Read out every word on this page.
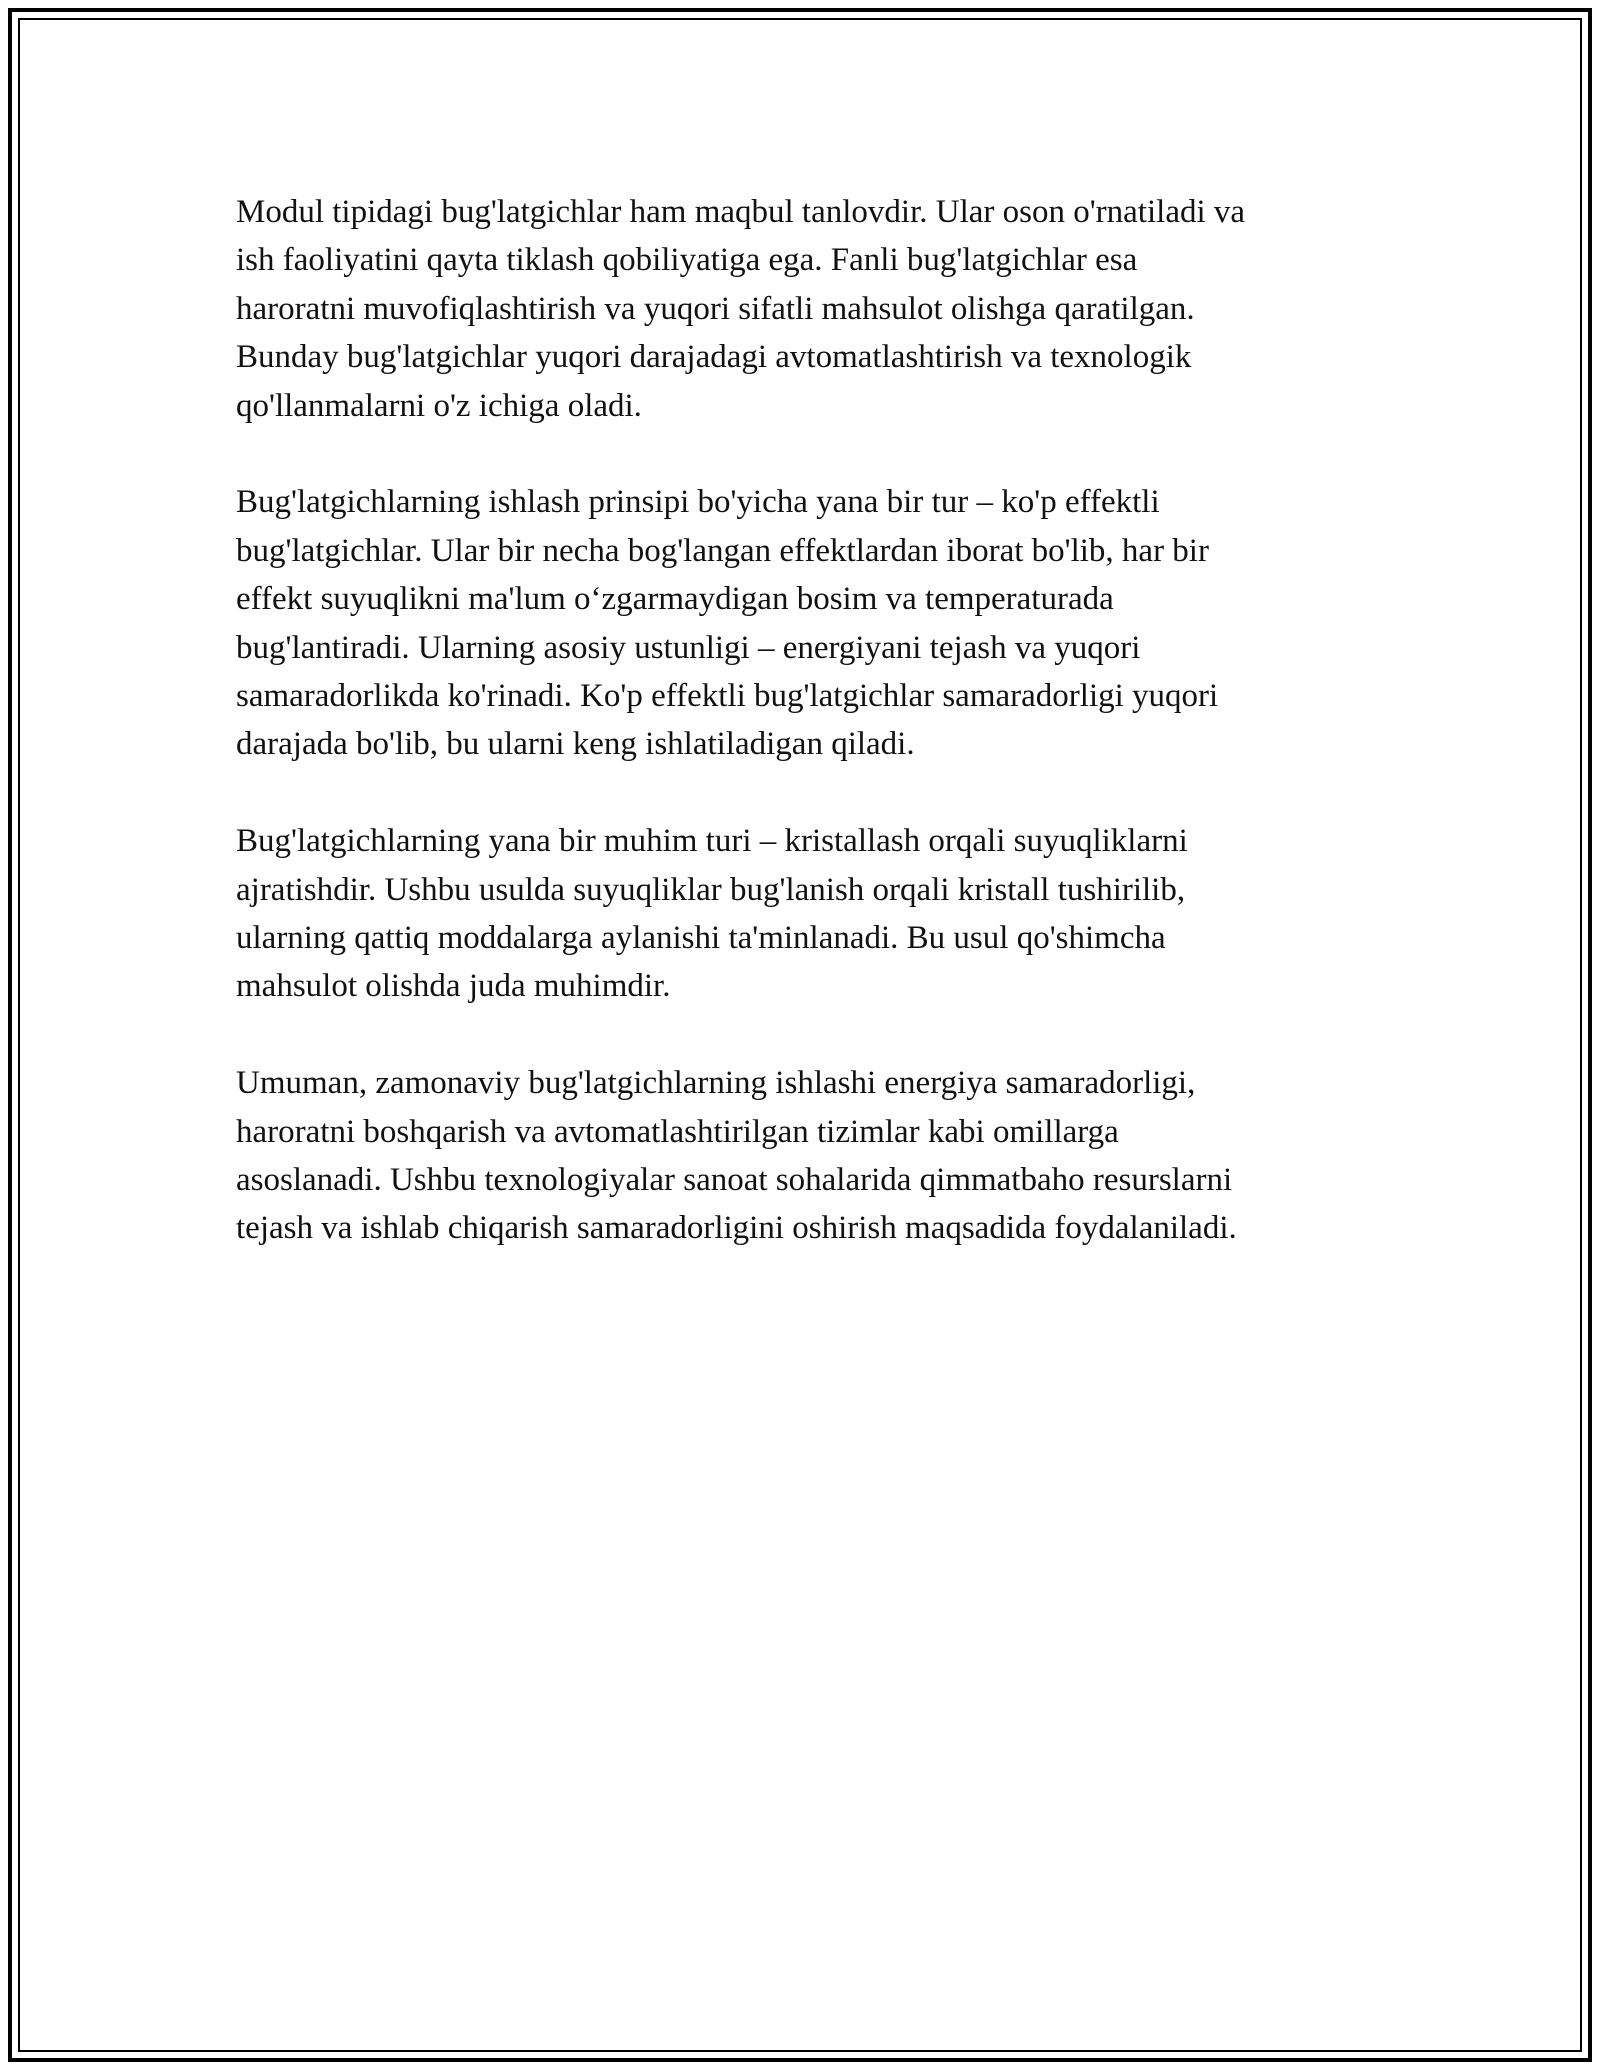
Modul tipidagi bug'latgichlar ham maqbul tanlovdir. Ular oson o'rnatiladi va
ish faoliyatini qayta tiklash qobiliyatiga ega. Fanli bug'latgichlar esa
haroratni muvofiqlashtirish va yuqori sifatli mahsulot olishga qaratilgan.
Bunday bug'latgichlar yuqori darajadagi avtomatlashtirish va texnologik
qo'llanmalarni o'z ichiga oladi.

Bug'latgichlarning ishlash prinsipi bo'yicha yana bir tur – ko'p effektli
bug'latgichlar. Ular bir necha bog'langan effektlardan iborat bo'lib, har bir
effekt suyuqlikni ma'lum o‘zgarmaydigan bosim va temperaturada
bug'lantiradi. Ularning asosiy ustunligi – energiyani tejash va yuqori
samaradorlikda ko'rinadi. Ko'p effektli bug'latgichlar samaradorligi yuqori
darajada bo'lib, bu ularni keng ishlatiladigan qiladi.

Bug'latgichlarning yana bir muhim turi – kristallash orqali suyuqliklarni
ajratishdir. Ushbu usulda suyuqliklar bug'lanish orqali kristall tushirilib,
ularning qattiq moddalarga aylanishi ta'minlanadi. Bu usul qo'shimcha
mahsulot olishda juda muhimdir.

Umuman, zamonaviy bug'latgichlarning ishlashi energiya samaradorligi,
haroratni boshqarish va avtomatlashtirilgan tizimlar kabi omillarga
asoslanadi. Ushbu texnologiyalar sanoat sohalarida qimmatbaho resurslarni
tejash va ishlab chiqarish samaradorligini oshirish maqsadida foydalaniladi.
